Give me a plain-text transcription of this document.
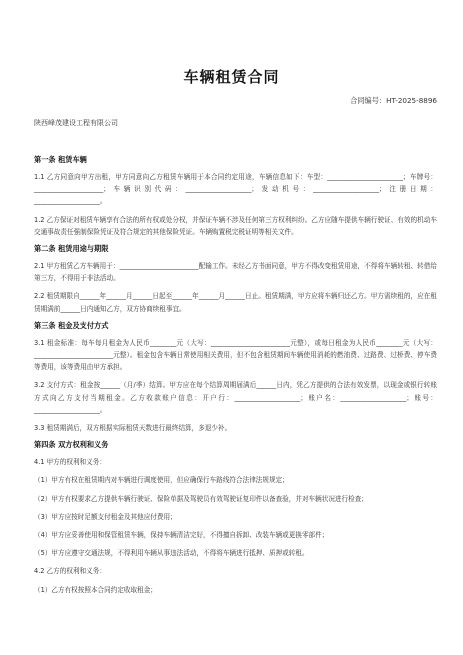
车辆租赁合同
合同编号：HT-2025-8896
陕西峰茂建设工程有限公司
第一条 租赁车辆
1.1 乙方同意向甲方出租，甲方同意向乙方租赁车辆用于本合同约定用途，车辆信息如下：车型：_______________________；车牌号：_____________________；车辆识别代码：____________________；发动机号：____________________；注册日期：____________________。
1.2 乙方保证对租赁车辆享有合法的所有权或处分权，并保证车辆不涉及任何第三方权利纠纷。乙方应随车提供车辆行驶证、有效的机动车交通事故责任强制保险凭证及符合规定的其他保险凭证。车辆购置税完税证明等相关文件。
第二条 租赁用途与期限
2.1 甲方租赁乙方车辆用于：________________________配输工作。未经乙方书面同意，甲方不得改变租赁用途，不得将车辆转租、转借给第三方，不得用于非法活动。
2.2 租赁期限自______年______月______日起至______年______月______日止。租赁期满，甲方应将车辆归还乙方。甲方需续租的，应在租赁期满前______日内通知乙方，双方协商续租事宜。
第三条 租金及支付方式
3.1 租金标准：每车每月租金为人民币________元（大写：________________________元整），或每日租金为人民币________元（大写：________________________元整）。租金包含车辆日常使用相关费用，但不包含租赁期间车辆使用消耗的燃油费、过路费、过桥费、停车费等费用，该等费用由甲方承担。
3.2 支付方式：租金按______（月/季）结算。甲方应在每个结算周期届满后______日内，凭乙方提供的合法有效发票，以现金或银行转账方式向乙方支付当期租金。乙方收款账户信息：开户行：____________________；账户名：____________________；账号：____________________。
3.3 租赁期满后，双方根据实际租赁天数进行最终结算，多退少补。
第四条 双方权利和义务
4.1 甲方的权利和义务：
（1）甲方有权在租赁期内对车辆进行调度使用，但应确保行车路线符合法律法规规定；
（2）甲方有权要求乙方提供车辆行驶证、保险单据及驾驶员有效驾驶证复印件以备查验，并对车辆状况进行检查；
（3）甲方应按时足额支付租金及其他应付费用；
（4）甲方应妥善使用和保管租赁车辆，保持车辆清洁完好，不得擅自拆卸、改装车辆或更换零部件；
（5）甲方应遵守交通法规，不得利用车辆从事违法活动，不得将车辆进行抵押、质押或转租。
4.2 乙方的权利和义务：
（1）乙方有权按照本合同约定收取租金；
